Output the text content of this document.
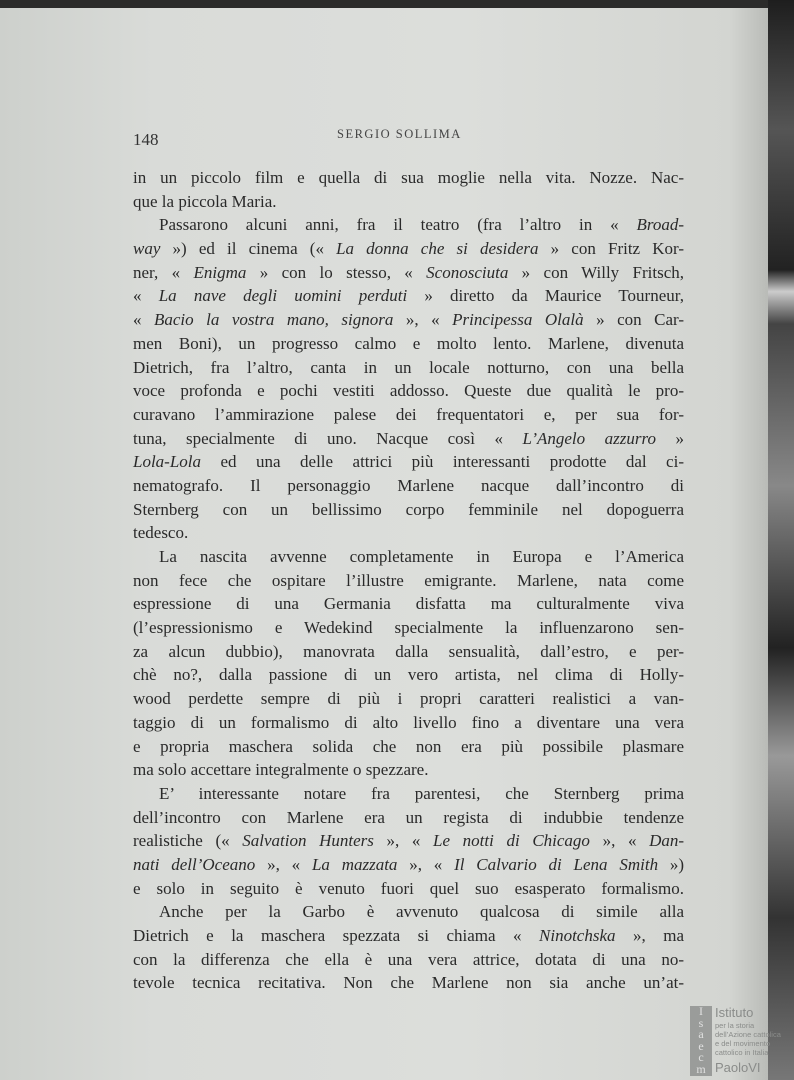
148	SERGIO SOLLIMA
in un piccolo film e quella di sua moglie nella vita. Nozze. Nac-
que la piccola Maria.
Passarono alcuni anni, fra il teatro (fra l’altro in « Broad-
way ») ed il cinema (« La donna che si desidera » con Fritz Kor-
ner, « Enigma » con lo stesso, « Sconosciuta » con Willy Fritsch,
« La nave degli uomini perduti » diretto da Maurice Tourneur,
« Bacio la vostra mano, signora », « Principessa Olalà » con Car-
men Boni), un progresso calmo e molto lento. Marlene, divenuta
Dietrich, fra l’altro, canta in un locale notturno, con una bella
voce profonda e pochi vestiti addosso. Queste due qualità le pro-
curavano l’ammirazione palese dei frequentatori e, per sua for-
tuna, specialmente di uno. Nacque così « L’Angelo azzurro »
Lola-Lola ed una delle attrici più interessanti prodotte dal ci-
nematografo. Il personaggio Marlene nacque dall’incontro di
Sternberg con un bellissimo corpo femminile nel dopoguerra
tedesco.
La nascita avvenne completamente in Europa e l’America
non fece che ospitare l’illustre emigrante. Marlene, nata come
espressione di una Germania disfatta ma culturalmente viva
(l’espressionismo e Wedekind specialmente la influenzarono sen-
za alcun dubbio), manovrata dalla sensualità, dall’estro, e per-
chè no?, dalla passione di un vero artista, nel clima di Holly-
wood perdette sempre di più i propri caratteri realistici a van-
taggio di un formalismo di alto livello fino a diventare una vera
e propria maschera solida che non era più possibile plasmare
ma solo accettare integralmente o spezzare.
E’ interessante notare fra parentesi, che Sternberg prima
dell’incontro con Marlene era un regista di indubbie tendenze
realistiche (« Salvation Hunters », « Le notti di Chicago », « Dan-
nati dell’Oceano », « La mazzata », « Il Calvario di Lena Smith »)
e solo in seguito è venuto fuori quel suo esasperato formalismo.
Anche per la Garbo è avvenuto qualcosa di simile alla
Dietrich e la maschera spezzata si chiama « Ninotchska », ma
con la differenza che ella è una vera attrice, dotata di una no-
tevole tecnica recitativa. Non che Marlene non sia anche un’at-
I
s
a
e
c
m
Istituto
per la storia
dell’Azione cattolica
e del movimento
cattolico in Italia
PaoloVI
